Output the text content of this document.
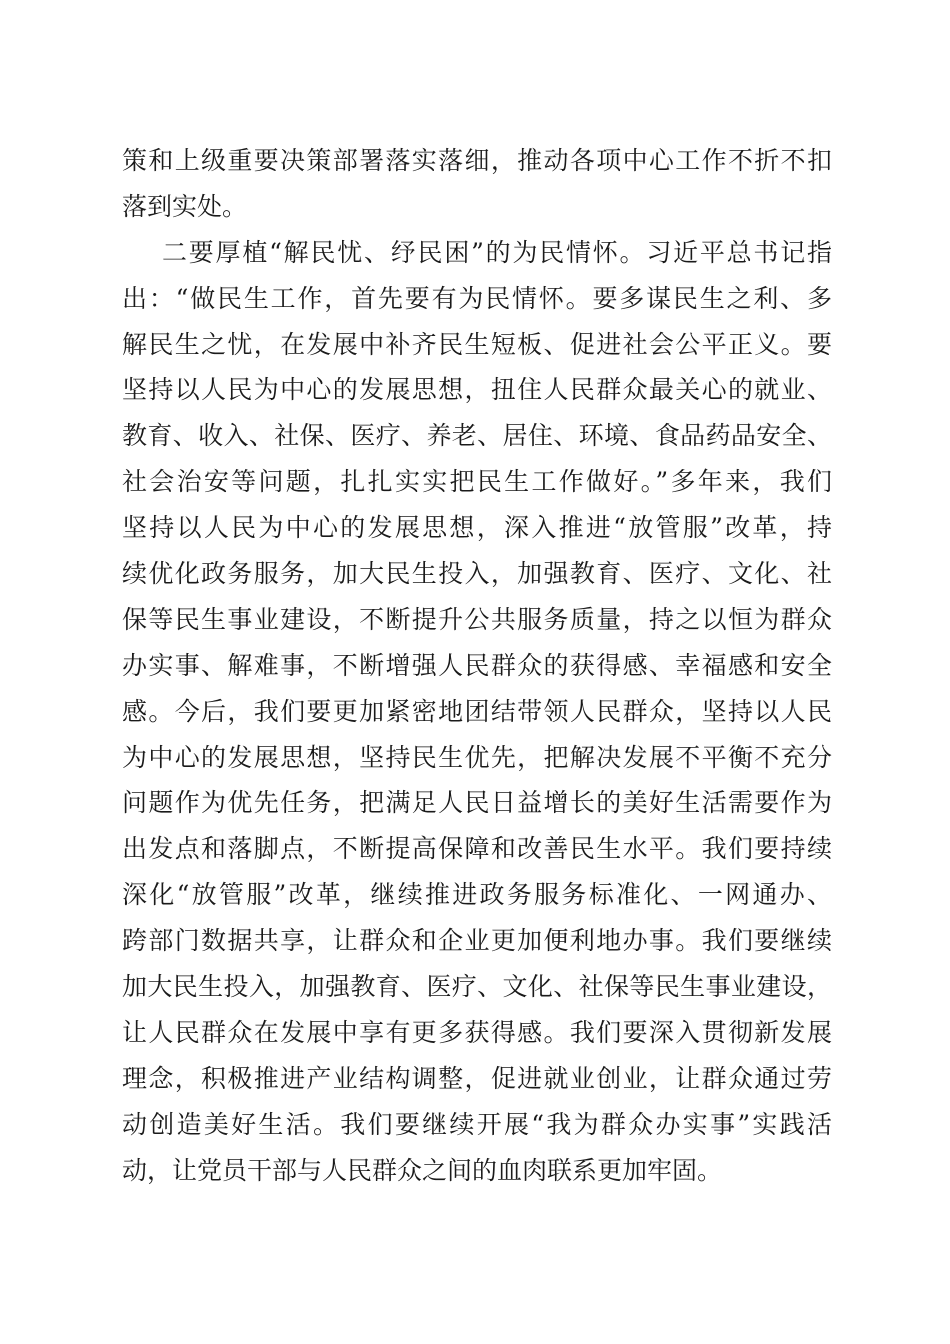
策和上级重要决策部署落实落细，推动各项中心工作不折不扣
落到实处。
二要厚植“解民忧、纾民困”的为民情怀。习近平总书记指
出：“做民生工作，首先要有为民情怀。要多谋民生之利、多
解民生之忧，在发展中补齐民生短板、促进社会公平正义。要
坚持以人民为中心的发展思想，扭住人民群众最关心的就业、
教育、收入、社保、医疗、养老、居住、环境、食品药品安全、
社会治安等问题，扎扎实实把民生工作做好。”多年来，我们
坚持以人民为中心的发展思想，深入推进“放管服”改革，持
续优化政务服务，加大民生投入，加强教育、医疗、文化、社
保等民生事业建设，不断提升公共服务质量，持之以恒为群众
办实事、解难事，不断增强人民群众的获得感、幸福感和安全
感。今后，我们要更加紧密地团结带领人民群众，坚持以人民
为中心的发展思想，坚持民生优先，把解决发展不平衡不充分
问题作为优先任务，把满足人民日益增长的美好生活需要作为
出发点和落脚点，不断提高保障和改善民生水平。我们要持续
深化“放管服”改革，继续推进政务服务标准化、一网通办、
跨部门数据共享，让群众和企业更加便利地办事。我们要继续
加大民生投入，加强教育、医疗、文化、社保等民生事业建设，
让人民群众在发展中享有更多获得感。我们要深入贯彻新发展
理念，积极推进产业结构调整，促进就业创业，让群众通过劳
动创造美好生活。我们要继续开展“我为群众办实事”实践活
动，让党员干部与人民群众之间的血肉联系更加牢固。
